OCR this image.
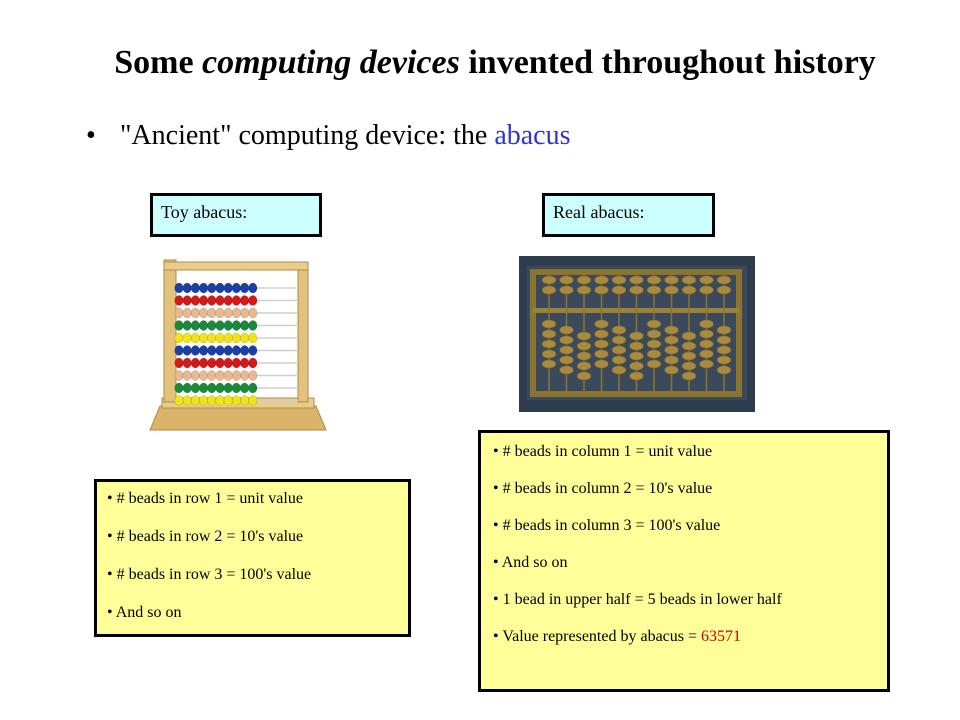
Some computing devices invented throughout history
• "Ancient" computing device: the abacus
Toy abacus:	Real abacus:
• # beads in row 1 = unit value
• # beads in row 2 = 10's value
• # beads in row 3 = 100's value
• And so on
• # beads in column 1 = unit value
• # beads in column 2 = 10's value
• # beads in column 3 = 100's value
• And so on
• 1 bead in upper half = 5 beads in lower half
• Value represented by abacus = 63571
